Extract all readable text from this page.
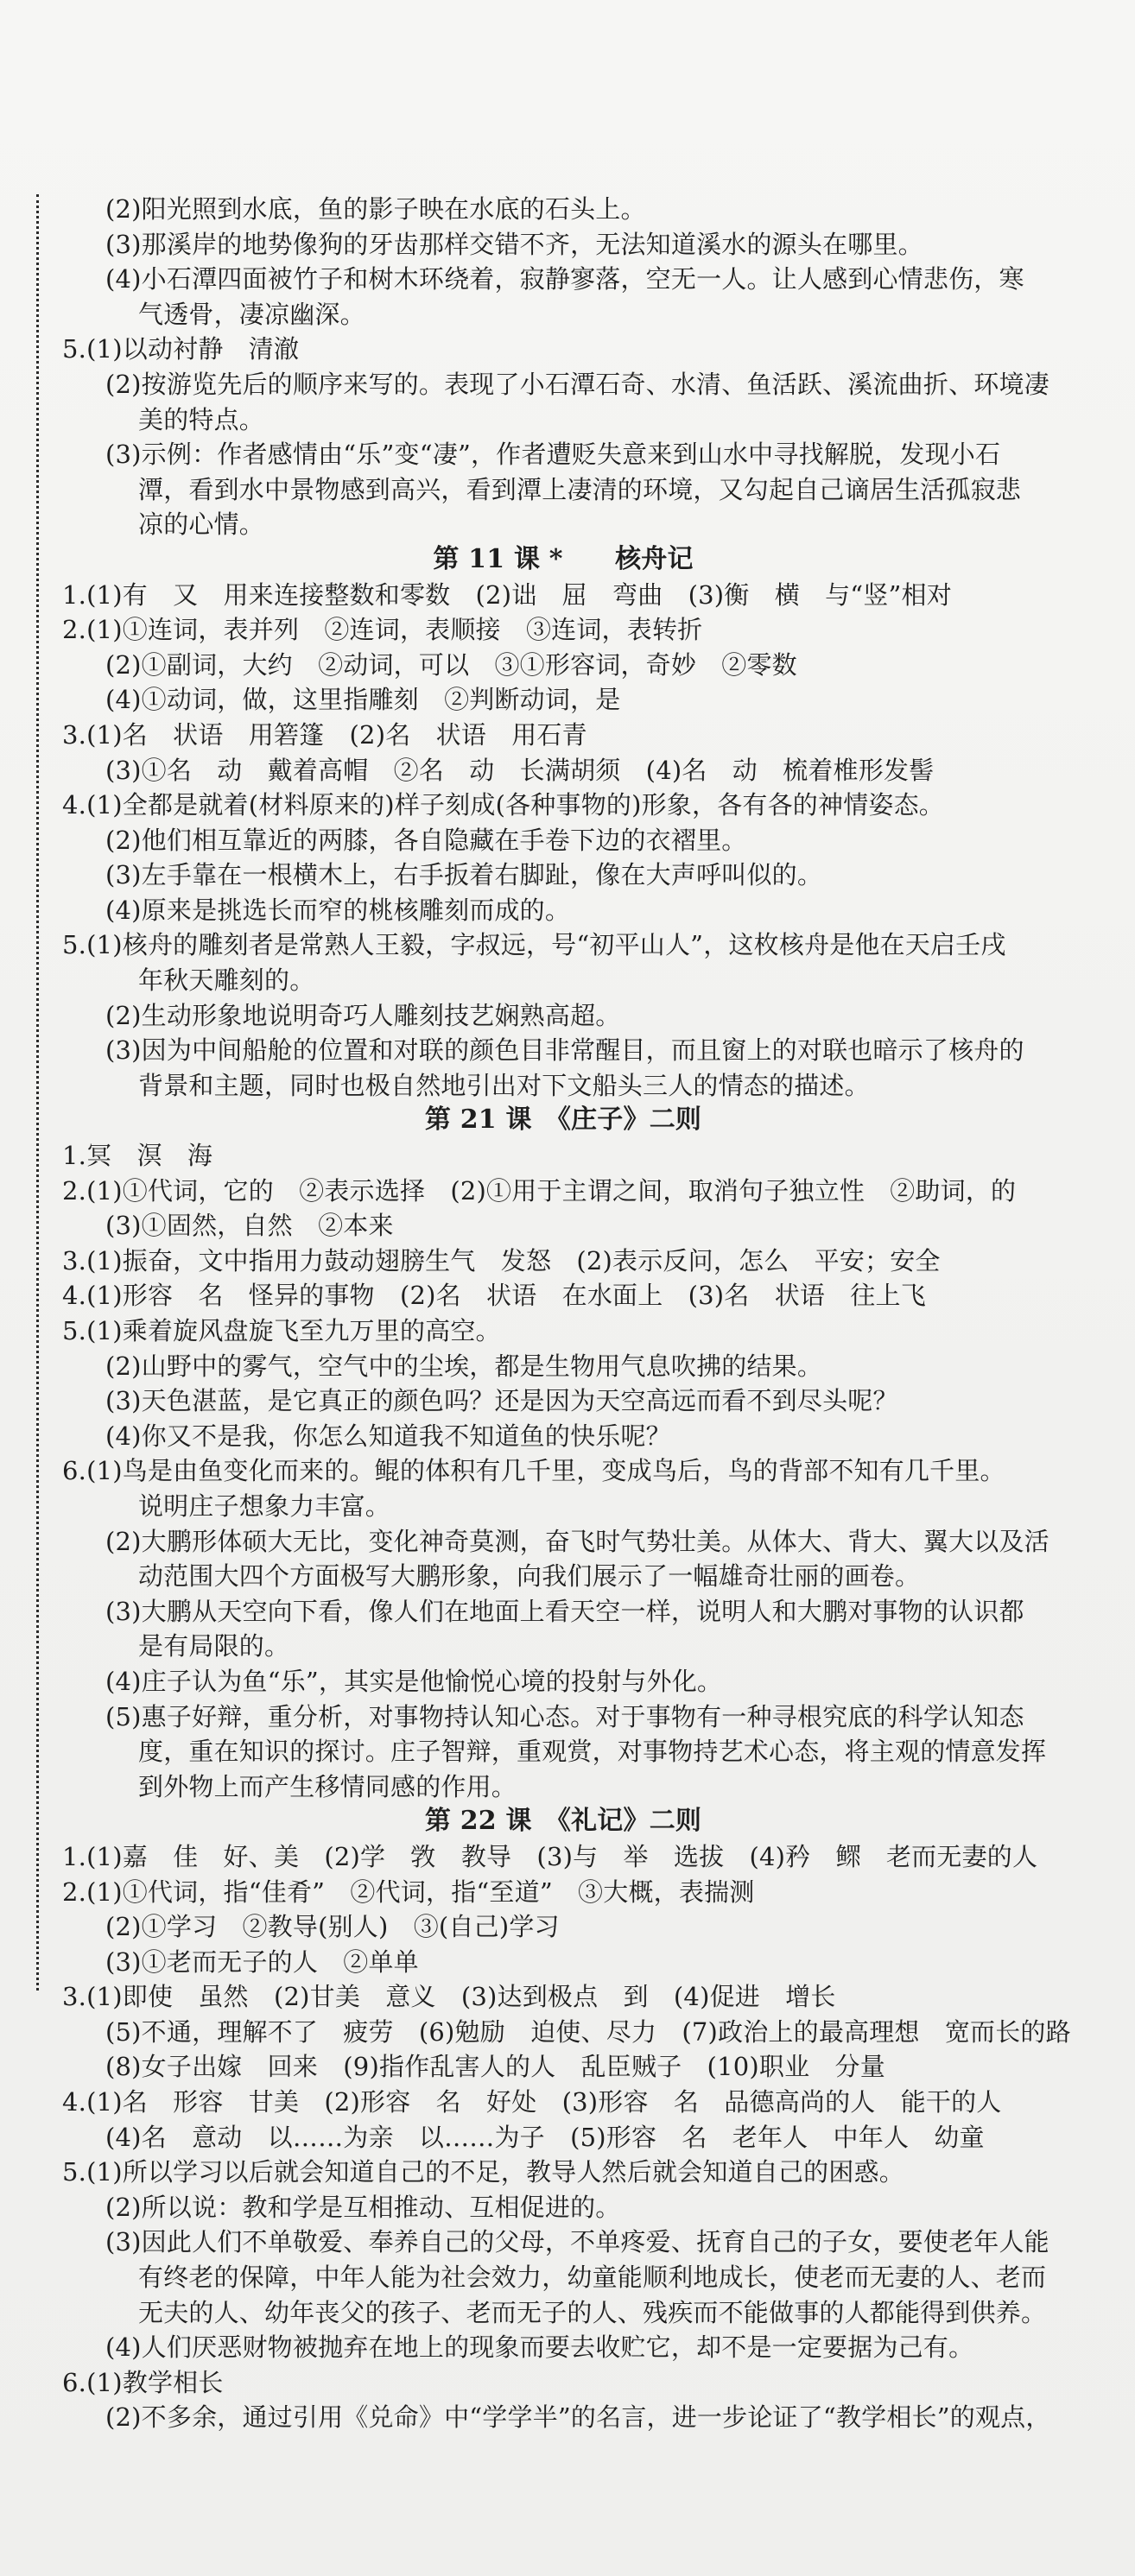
(2)阳光照到水底，鱼的影子映在水底的石头上。
(3)那溪岸的地势像狗的牙齿那样交错不齐，无法知道溪水的源头在哪里。
(4)小石潭四面被竹子和树木环绕着，寂静寥落，空无一人。让人感到心情悲伤，寒
气透骨，凄凉幽深。
5.(1)以动衬静　清澈
(2)按游览先后的顺序来写的。表现了小石潭石奇、水清、鱼活跃、溪流曲折、环境凄
美的特点。
(3)示例：作者感情由“乐”变“凄”，作者遭贬失意来到山水中寻找解脱，发现小石
潭，看到水中景物感到高兴，看到潭上凄清的环境，又勾起自己谪居生活孤寂悲
凉的心情。
第 11 课 *　　核舟记
1.(1)有　又　用来连接整数和零数　(2)诎　屈　弯曲　(3)衡　横　与“竖”相对
2.(1)①连词，表并列　②连词，表顺接　③连词，表转折
(2)①副词，大约　②动词，可以　③①形容词，奇妙　②零数
(4)①动词，做，这里指雕刻　②判断动词，是
3.(1)名　状语　用箬篷　(2)名　状语　用石青
(3)①名　动　戴着高帽　②名　动　长满胡须　(4)名　动　梳着椎形发髻
4.(1)全都是就着(材料原来的)样子刻成(各种事物的)形象，各有各的神情姿态。
(2)他们相互靠近的两膝，各自隐藏在手卷下边的衣褶里。
(3)左手靠在一根横木上，右手扳着右脚趾，像在大声呼叫似的。
(4)原来是挑选长而窄的桃核雕刻而成的。
5.(1)核舟的雕刻者是常熟人王毅，字叔远，号“初平山人”，这枚核舟是他在天启壬戌
年秋天雕刻的。
(2)生动形象地说明奇巧人雕刻技艺娴熟高超。
(3)因为中间船舱的位置和对联的颜色目非常醒目，而且窗上的对联也暗示了核舟的
背景和主题，同时也极自然地引出对下文船头三人的情态的描述。
第 21 课　《庄子》二则
1.冥　溟　海
2.(1)①代词，它的　②表示选择　(2)①用于主谓之间，取消句子独立性　②助词，的
(3)①固然，自然　②本来
3.(1)振奋，文中指用力鼓动翅膀生气　发怒　(2)表示反问，怎么　平安；安全
4.(1)形容　名　怪异的事物　(2)名　状语　在水面上　(3)名　状语　往上飞
5.(1)乘着旋风盘旋飞至九万里的高空。
(2)山野中的雾气，空气中的尘埃，都是生物用气息吹拂的结果。
(3)天色湛蓝，是它真正的颜色吗？还是因为天空高远而看不到尽头呢？
(4)你又不是我，你怎么知道我不知道鱼的快乐呢？
6.(1)鸟是由鱼变化而来的。鲲的体积有几千里，变成鸟后，鸟的背部不知有几千里。
说明庄子想象力丰富。
(2)大鹏形体硕大无比，变化神奇莫测，奋飞时气势壮美。从体大、背大、翼大以及活
动范围大四个方面极写大鹏形象，向我们展示了一幅雄奇壮丽的画卷。
(3)大鹏从天空向下看，像人们在地面上看天空一样，说明人和大鹏对事物的认识都
是有局限的。
(4)庄子认为鱼“乐”，其实是他愉悦心境的投射与外化。
(5)惠子好辩，重分析，对事物持认知心态。对于事物有一种寻根究底的科学认知态
度，重在知识的探讨。庄子智辩，重观赏，对事物持艺术心态，将主观的情意发挥
到外物上而产生移情同感的作用。
第 22 课　《礼记》二则
1.(1)嘉　佳　好、美　(2)学　敩　教导　(3)与　举　选拔　(4)矜　鳏　老而无妻的人
2.(1)①代词，指“佳肴”　②代词，指“至道”　③大概，表揣测
(2)①学习　②教导(别人)　③(自己)学习
(3)①老而无子的人　②单单
3.(1)即使　虽然　(2)甘美　意义　(3)达到极点　到　(4)促进　增长
(5)不通，理解不了　疲劳　(6)勉励　迫使、尽力　(7)政治上的最高理想　宽而长的路
(8)女子出嫁　回来　(9)指作乱害人的人　乱臣贼子　(10)职业　分量
4.(1)名　形容　甘美　(2)形容　名　好处　(3)形容　名　品德高尚的人　能干的人
(4)名　意动　以……为亲　以……为子　(5)形容　名　老年人　中年人　幼童
5.(1)所以学习以后就会知道自己的不足，教导人然后就会知道自己的困惑。
(2)所以说：教和学是互相推动、互相促进的。
(3)因此人们不单敬爱、奉养自己的父母，不单疼爱、抚育自己的子女，要使老年人能
有终老的保障，中年人能为社会效力，幼童能顺利地成长，使老而无妻的人、老而
无夫的人、幼年丧父的孩子、老而无子的人、残疾而不能做事的人都能得到供养。
(4)人们厌恶财物被抛弃在地上的现象而要去收贮它，却不是一定要据为己有。
6.(1)教学相长
(2)不多余，通过引用《兑命》中“学学半”的名言，进一步论证了“教学相长”的观点，
